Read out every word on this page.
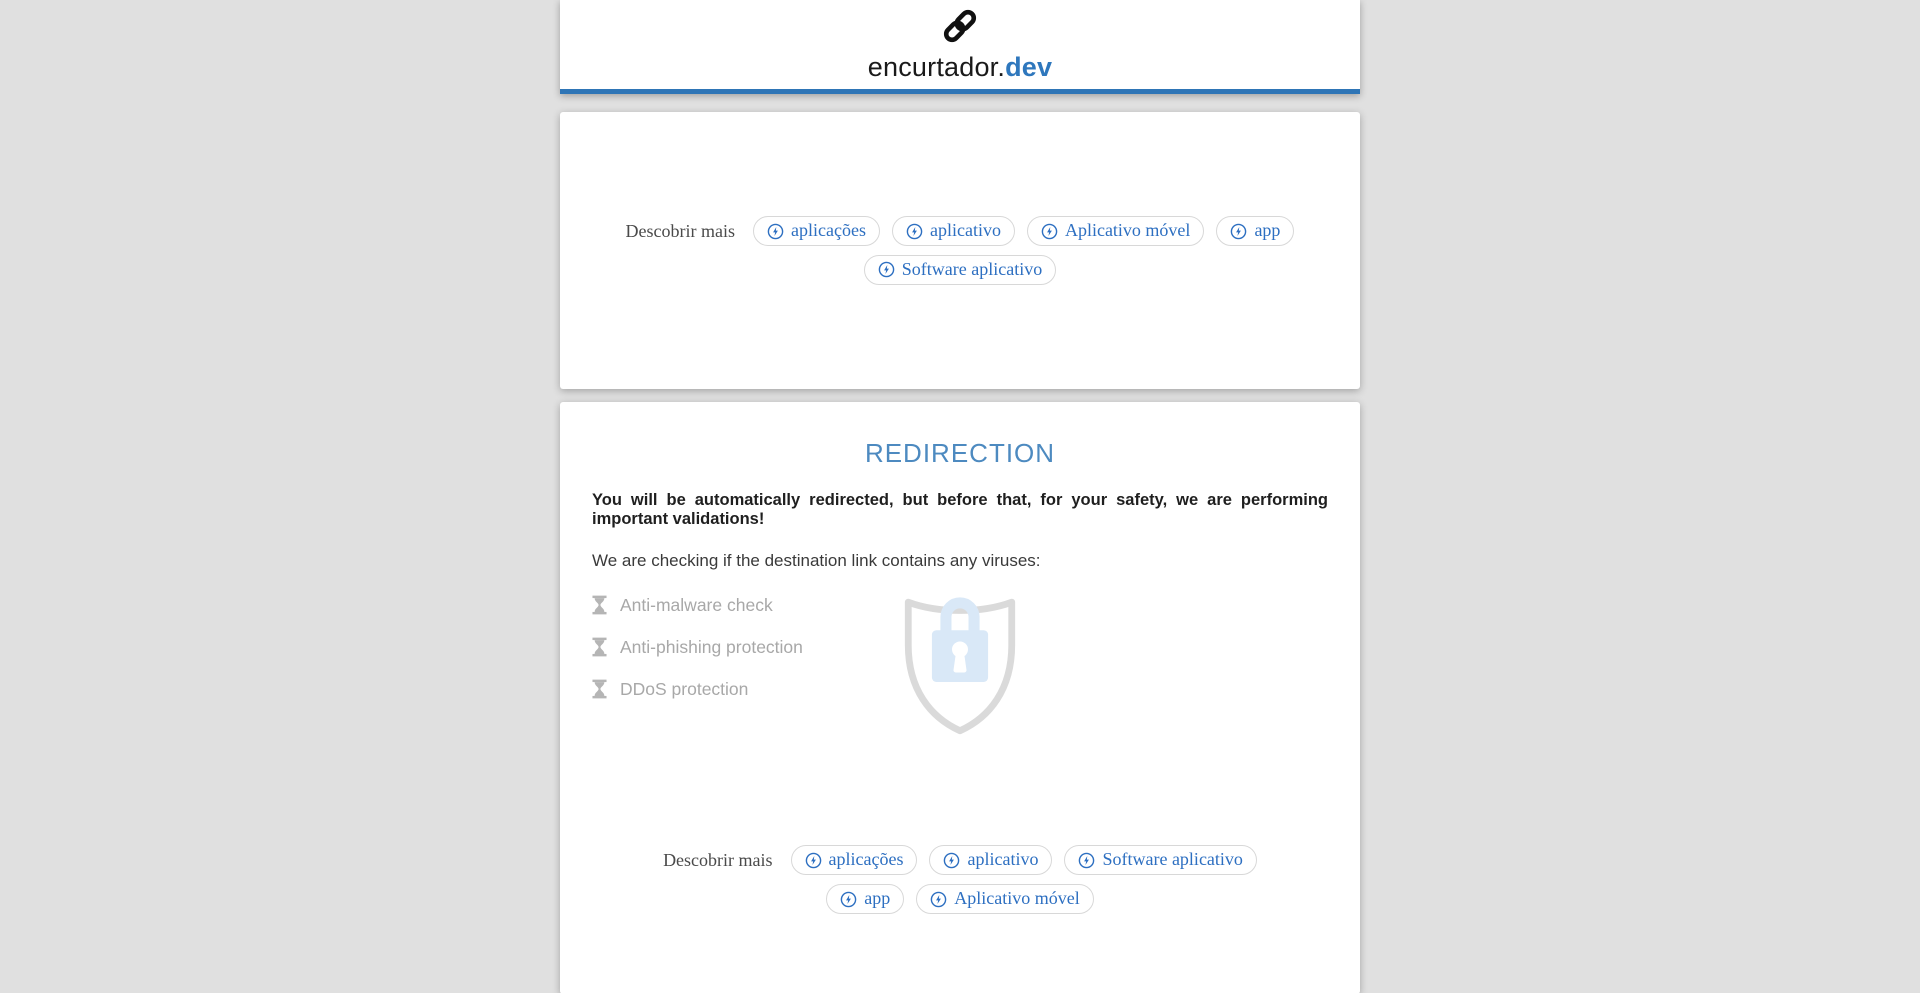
encurtador.dev
Descobrir mais	aplicações	aplicativo	Aplicativo móvel	app
Software aplicativo
REDIRECTION

You will be automatically redirected, but before that, for your safety, we are performing important validations!

We are checking if the destination link contains any viruses:

Anti-malware check
Anti-phishing protection
DDoS protection
Descobrir mais	aplicações	aplicativo	Software aplicativo
app	Aplicativo móvel
